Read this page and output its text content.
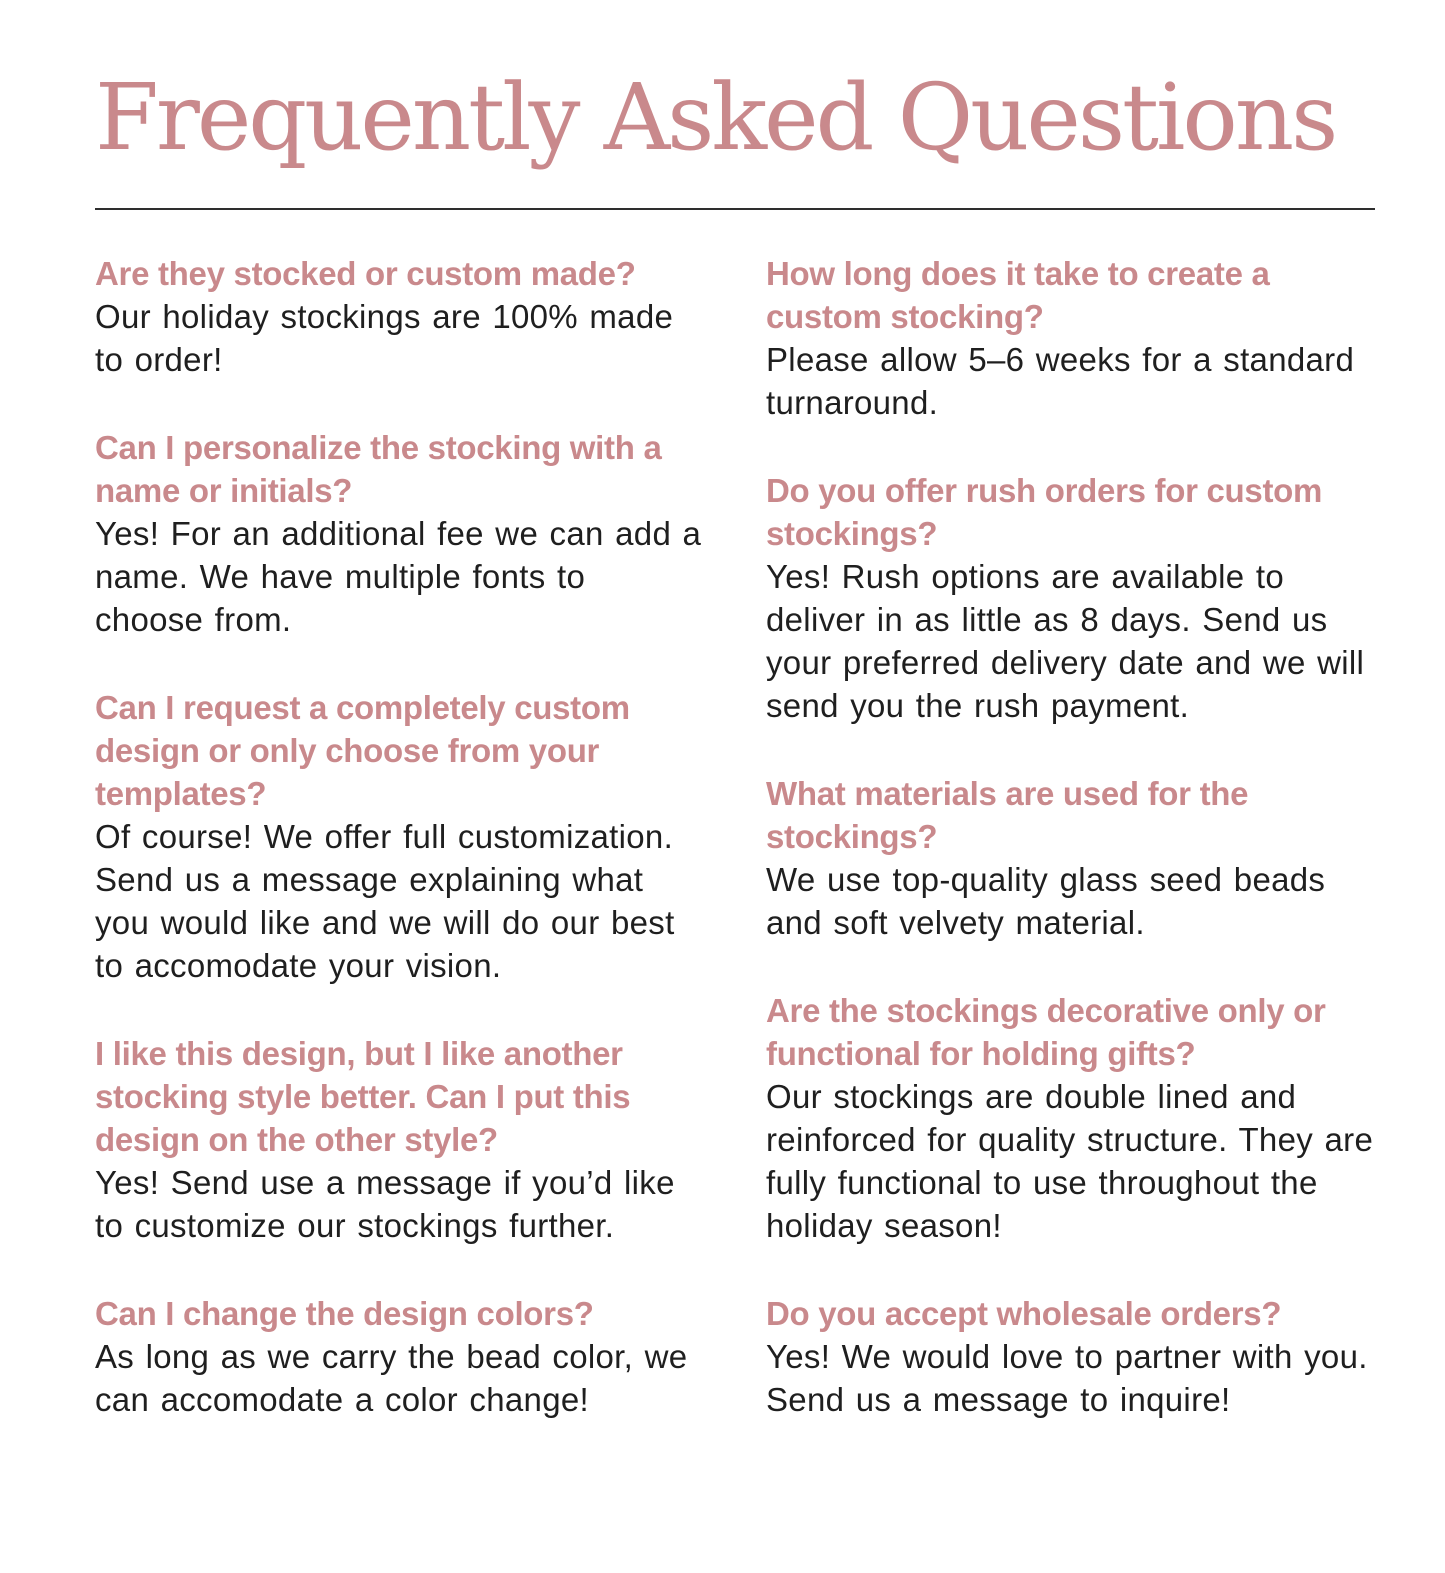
Frequently Asked Questions
Are they stocked or custom made?

Our holiday stockings are 100% made to order!

Can I personalize the stocking with a name or initials?

Yes! For an additional fee we can add a name. We have multiple fonts to choose from.

Can I request a completely custom design or only choose from your templates?

Of course! We offer full customization. Send us a message explaining what you would like and we will do our best to accomodate your vision.

I like this design, but I like another stocking style better. Can I put this design on the other style?

Yes! Send use a message if you’d like to customize our stockings further.

Can I change the design colors?

As long as we carry the bead color, we can accomodate a color change!

How long does it take to create a custom stocking?

Please allow 5–6 weeks for a standard turnaround.

Do you offer rush orders for custom stockings?

Yes! Rush options are available to deliver in as little as 8 days. Send us your preferred delivery date and we will send you the rush payment.

What materials are used for the stockings?

We use top-quality glass seed beads and soft velvety material.

Are the stockings decorative only or functional for holding gifts?

Our stockings are double lined and reinforced for quality structure. They are fully functional to use throughout the holiday season!

Do you accept wholesale orders?

Yes! We would love to partner with you. Send us a message to inquire!
